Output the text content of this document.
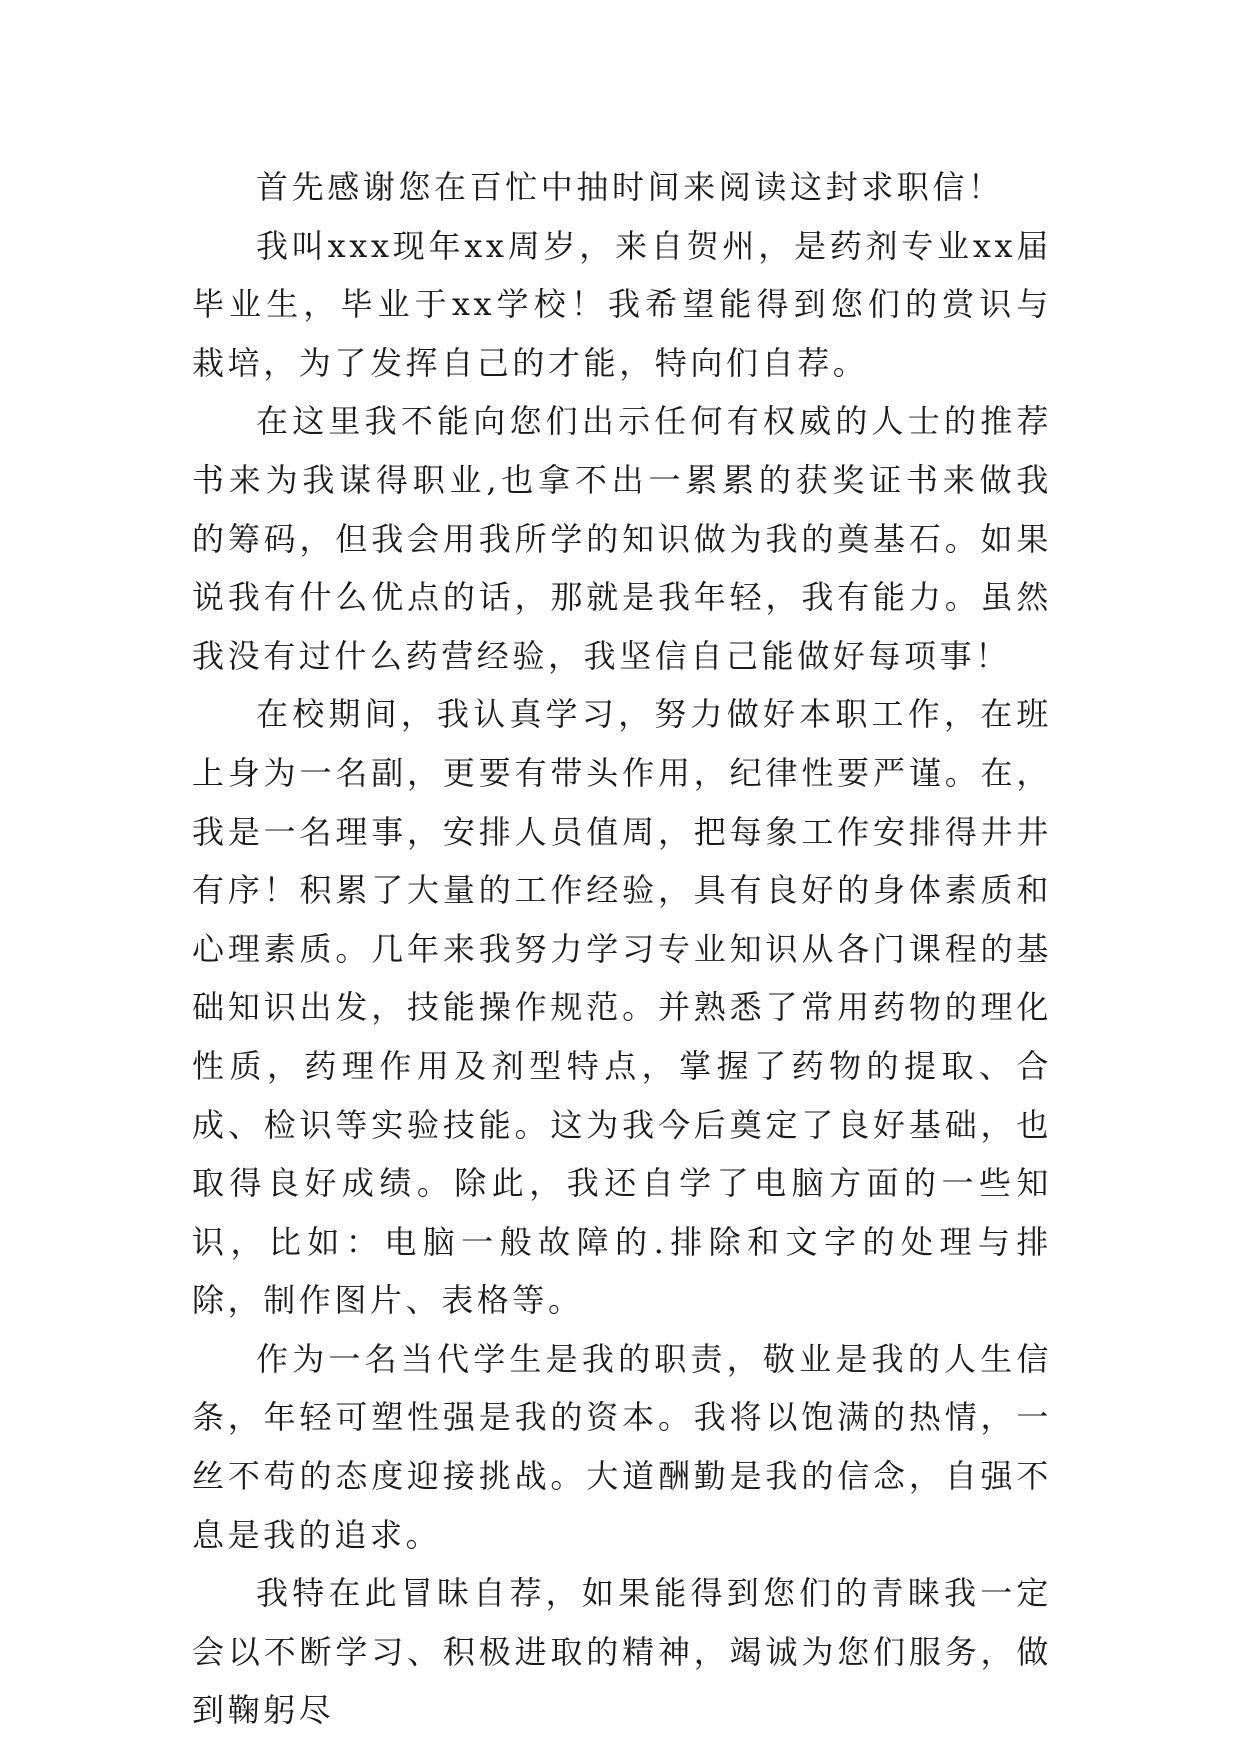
首先感谢您在百忙中抽时间来阅读这封求职信！

我叫xxx现年xx周岁，来自贺州，是药剂专业xx届毕业生，毕业于xx学校！我希望能得到您们的赏识与栽培，为了发挥自己的才能，特向们自荐。

在这里我不能向您们出示任何有权威的人士的推荐书来为我谋得职业,也拿不出一累累的获奖证书来做我的筹码，但我会用我所学的知识做为我的奠基石。如果说我有什么优点的话，那就是我年轻，我有能力。虽然我没有过什么药营经验，我坚信自己能做好每项事！

在校期间，我认真学习，努力做好本职工作，在班上身为一名副，更要有带头作用，纪律性要严谨。在，我是一名理事，安排人员值周，把每象工作安排得井井有序！积累了大量的工作经验，具有良好的身体素质和心理素质。几年来我努力学习专业知识从各门课程的基础知识出发，技能操作规范。并熟悉了常用药物的理化性质，药理作用及剂型特点，掌握了药物的提取、合成、检识等实验技能。这为我今后奠定了良好基础，也取得良好成绩。除此，我还自学了电脑方面的一些知识，比如：电脑一般故障的.排除和文字的处理与排除，制作图片、表格等。

作为一名当代学生是我的职责，敬业是我的人生信条，年轻可塑性强是我的资本。我将以饱满的热情，一丝不苟的态度迎接挑战。大道酬勤是我的信念，自强不息是我的追求。

我特在此冒昧自荐，如果能得到您们的青睐我一定会以不断学习、积极进取的精神，竭诚为您们服务，做到鞠躬尽
